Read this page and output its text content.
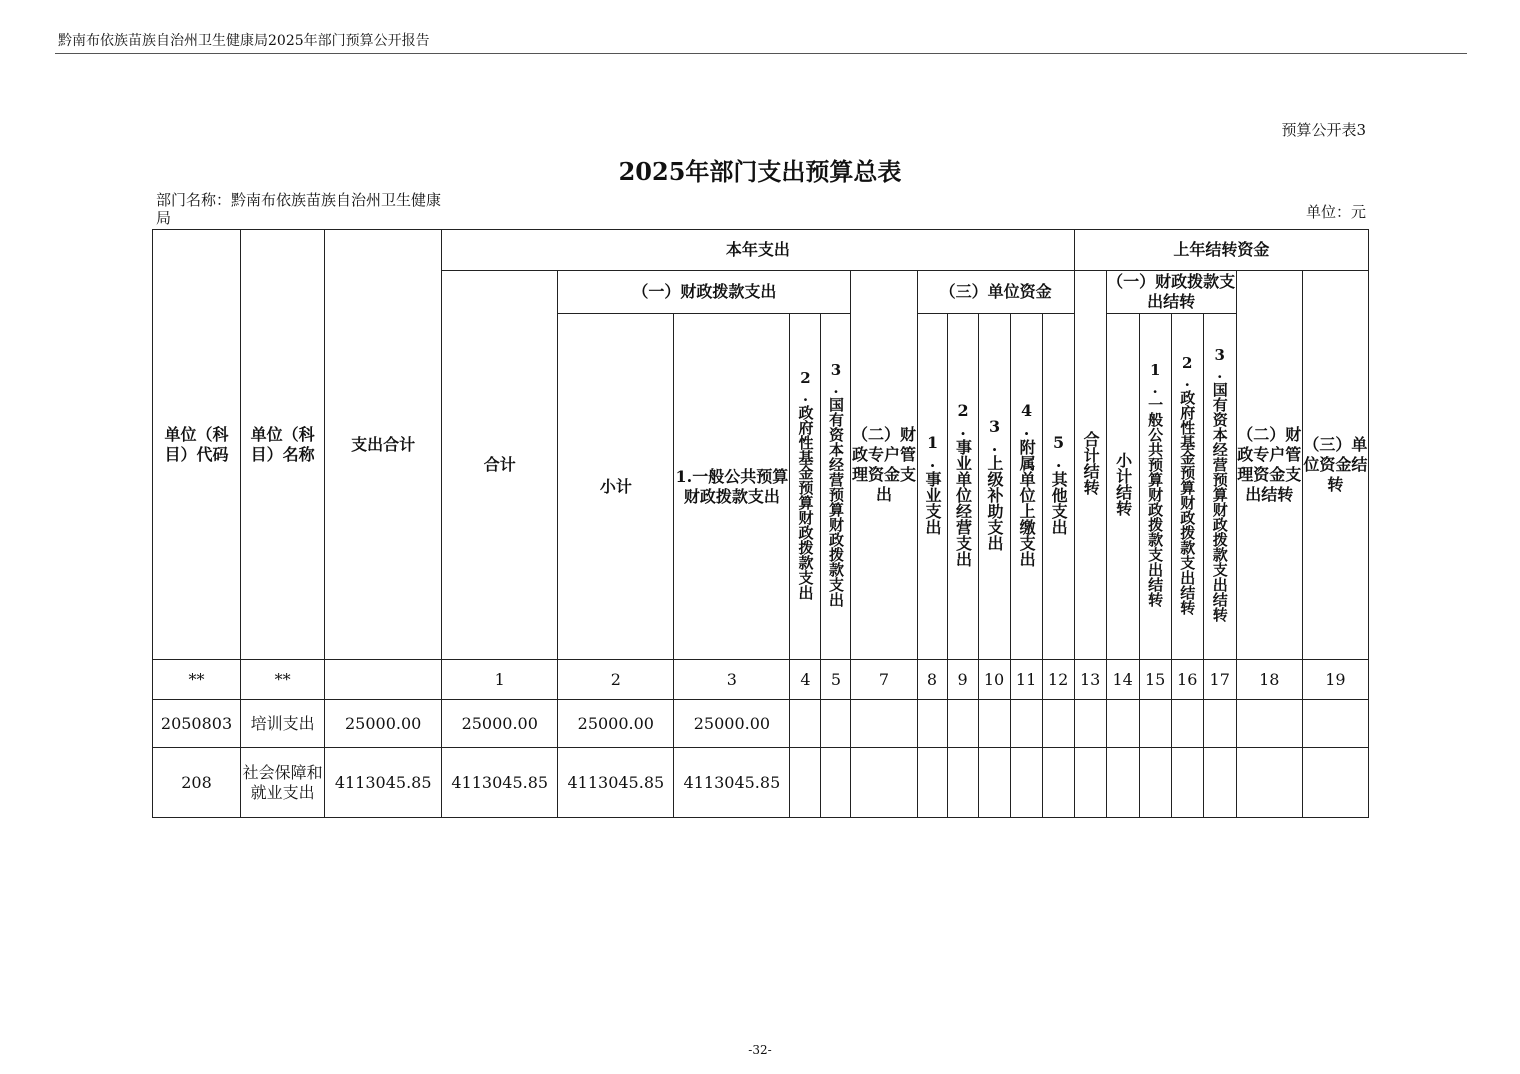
黔南布依族苗族自治州卫生健康局2025年部门预算公开报告
预算公开表3
2025年部门支出预算总表
部门名称：黔南布依族苗族自治州卫生健康局	单位：元
单位（科目）代码	单位（科目）名称	支出合计	本年支出											上年结转资金						
			合计	（一）财政拨款支出				（二）财政专户管理资金支出	（三）单位资金					合计结转	（一）财政拨款支出结转				（二）财政专户管理资金支出结转	（三）单位资金结转
				小计	1.一般公共预算财政拨款支出	2.政府性基金预算财政拨款支出	3.国有资本经营预算财政拨款支出		1.事业支出	2.事业单位经营支出	3.上级补助支出	4.附属单位上缴支出	5.其他支出		小计结转	1.一般公共预算财政拨款支出结转	2.政府性基金预算财政拨款支出结转	3.国有资本经营预算财政拨款支出结转		
**	**		1	2	3	4	5	7	8	9	10	11	12	13	14	15	16	17	18	19
2050803	培训支出	25000.00	25000.00	25000.00	25000.00															
208	社会保障和就业支出	4113045.85	4113045.85	4113045.85	4113045.85															
-32-
